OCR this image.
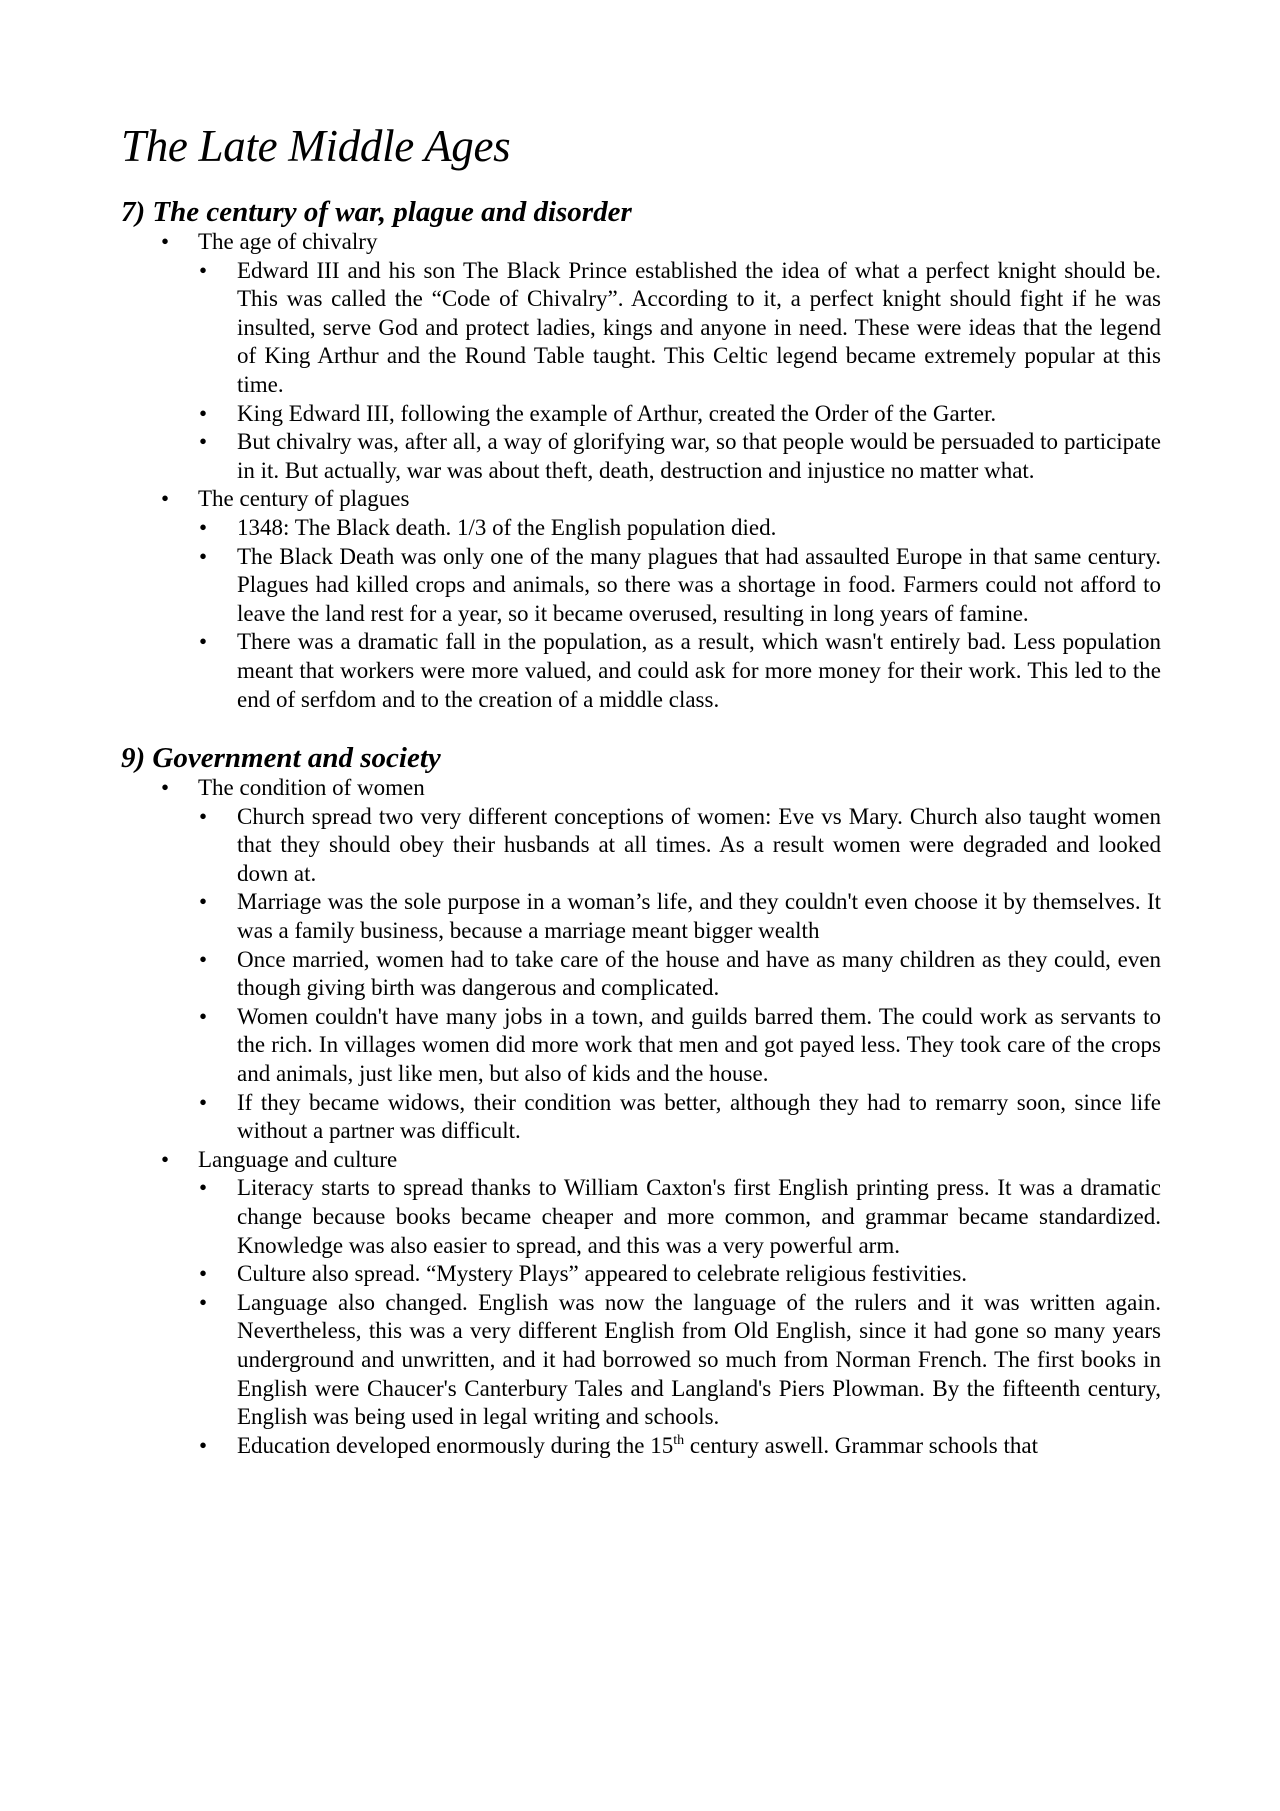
The Late Middle Ages
7) The century of war, plague and disorder
• The age of chivalry
• Edward III and his son The Black Prince established the idea of what a perfect knight should be. This was called the “Code of Chivalry”. According to it, a perfect knight should fight if he was insulted, serve God and protect ladies, kings and anyone in need. These were ideas that the legend of King Arthur and the Round Table taught. This Celtic legend became extremely popular at this time.
• King Edward III, following the example of Arthur, created the Order of the Garter.
• But chivalry was, after all, a way of glorifying war, so that people would be persuaded to participate in it. But actually, war was about theft, death, destruction and injustice no matter what.
• The century of plagues
• 1348: The Black death. 1/3 of the English population died.
• The Black Death was only one of the many plagues that had assaulted Europe in that same century. Plagues had killed crops and animals, so there was a shortage in food. Farmers could not afford to leave the land rest for a year, so it became overused, resulting in long years of famine.
• There was a dramatic fall in the population, as a result, which wasn't entirely bad. Less population meant that workers were more valued, and could ask for more money for their work. This led to the end of serfdom and to the creation of a middle class.
9) Government and society
• The condition of women
• Church spread two very different conceptions of women: Eve vs Mary. Church also taught women that they should obey their husbands at all times. As a result women were degraded and looked down at.
• Marriage was the sole purpose in a woman’s life, and they couldn't even choose it by themselves. It was a family business, because a marriage meant bigger wealth
• Once married, women had to take care of the house and have as many children as they could, even though giving birth was dangerous and complicated.
• Women couldn't have many jobs in a town, and guilds barred them. The could work as servants to the rich. In villages women did more work that men and got payed less. They took care of the crops and animals, just like men, but also of kids and the house.
• If they became widows, their condition was better, although they had to remarry soon, since life without a partner was difficult.
• Language and culture
• Literacy starts to spread thanks to William Caxton's first English printing press. It was a dramatic change because books became cheaper and more common, and grammar became standardized. Knowledge was also easier to spread, and this was a very powerful arm.
• Culture also spread. “Mystery Plays” appeared to celebrate religious festivities.
• Language also changed. English was now the language of the rulers and it was written again. Nevertheless, this was a very different English from Old English, since it had gone so many years underground and unwritten, and it had borrowed so much from Norman French. The first books in English were Chaucer's Canterbury Tales and Langland's Piers Plowman. By the fifteenth century, English was being used in legal writing and schools.
• Education developed enormously during the 15th century aswell. Grammar schools that
